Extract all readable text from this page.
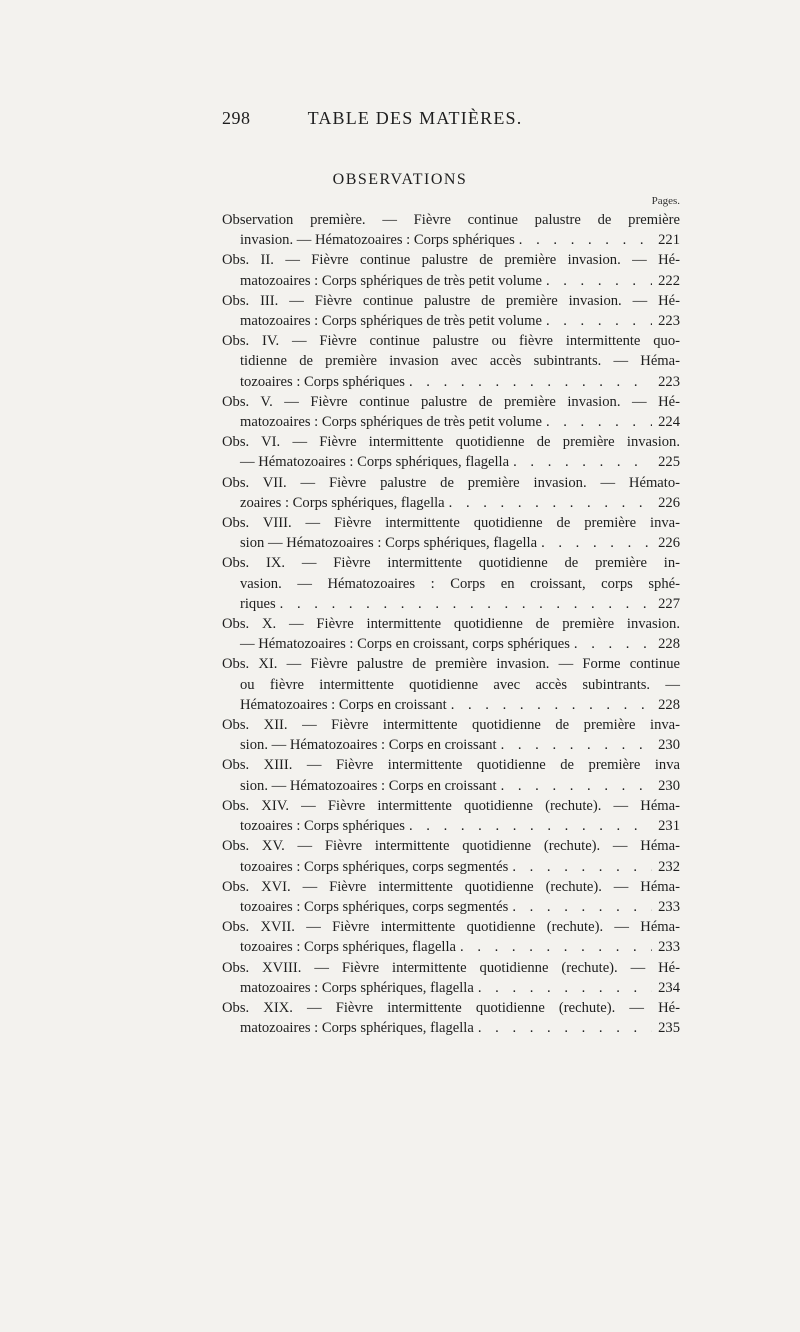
298	TABLE DES MATIÈRES.
OBSERVATIONS
Pages.
Observation première. — Fièvre continue palustre de première
invasion. — Hématozoaires : Corps sphériques . . .	221
Obs. II. — Fièvre continue palustre de première invasion. — Hé-
matozoaires : Corps sphériques de très petit volume . . .	222
Obs. III. — Fièvre continue palustre de première invasion. — Hé-
matozoaires : Corps sphériques de très petit volume . . .	223
Obs. IV. — Fièvre continue palustre ou fièvre intermittente quo-
tidienne de première invasion avec accès subintrants. — Héma-
tozoaires : Corps sphériques . . .	223
Obs. V. — Fièvre continue palustre de première invasion. — Hé-
matozoaires : Corps sphériques de très petit volume . . .	224
Obs. VI. — Fièvre intermittente quotidienne de première invasion.
— Hématozoaires : Corps sphériques, flagella . . .	225
Obs. VII. — Fièvre palustre de première invasion. — Hémato-
zoaires : Corps sphériques, flagella . . .	226
Obs. VIII. — Fièvre intermittente quotidienne de première inva-
sion — Hématozoaires : Corps sphériques, flagella . . .	226
Obs. IX. — Fièvre intermittente quotidienne de première in-
vasion. — Hématozoaires : Corps en croissant, corps sphé-
riques . . .	227
Obs. X. — Fièvre intermittente quotidienne de première invasion.
— Hématozoaires : Corps en croissant, corps sphériques . . .	228
Obs. XI. — Fièvre palustre de première invasion. — Forme continue
ou fièvre intermittente quotidienne avec accès subintrants. —
Hématozoaires : Corps en croissant . . .	228
Obs. XII. — Fièvre intermittente quotidienne de première inva-
sion. — Hématozoaires : Corps en croissant . . .	230
Obs. XIII. — Fièvre intermittente quotidienne de première inva
sion. — Hématozoaires : Corps en croissant . . .	230
Obs. XIV. — Fièvre intermittente quotidienne (rechute). — Héma-
tozoaires : Corps sphériques . . .	231
Obs. XV. — Fièvre intermittente quotidienne (rechute). — Héma-
tozoaires : Corps sphériques, corps segmentés . . .	232
Obs. XVI. — Fièvre intermittente quotidienne (rechute). — Héma-
tozoaires : Corps sphériques, corps segmentés . . .	233
Obs. XVII. — Fièvre intermittente quotidienne (rechute). — Héma-
tozoaires : Corps sphériques, flagella . . .	233
Obs. XVIII. — Fièvre intermittente quotidienne (rechute). — Hé-
matozoaires : Corps sphériques, flagella . . .	234
Obs. XIX. — Fièvre intermittente quotidienne (rechute). — Hé-
matozoaires : Corps sphériques, flagella . . .	235
